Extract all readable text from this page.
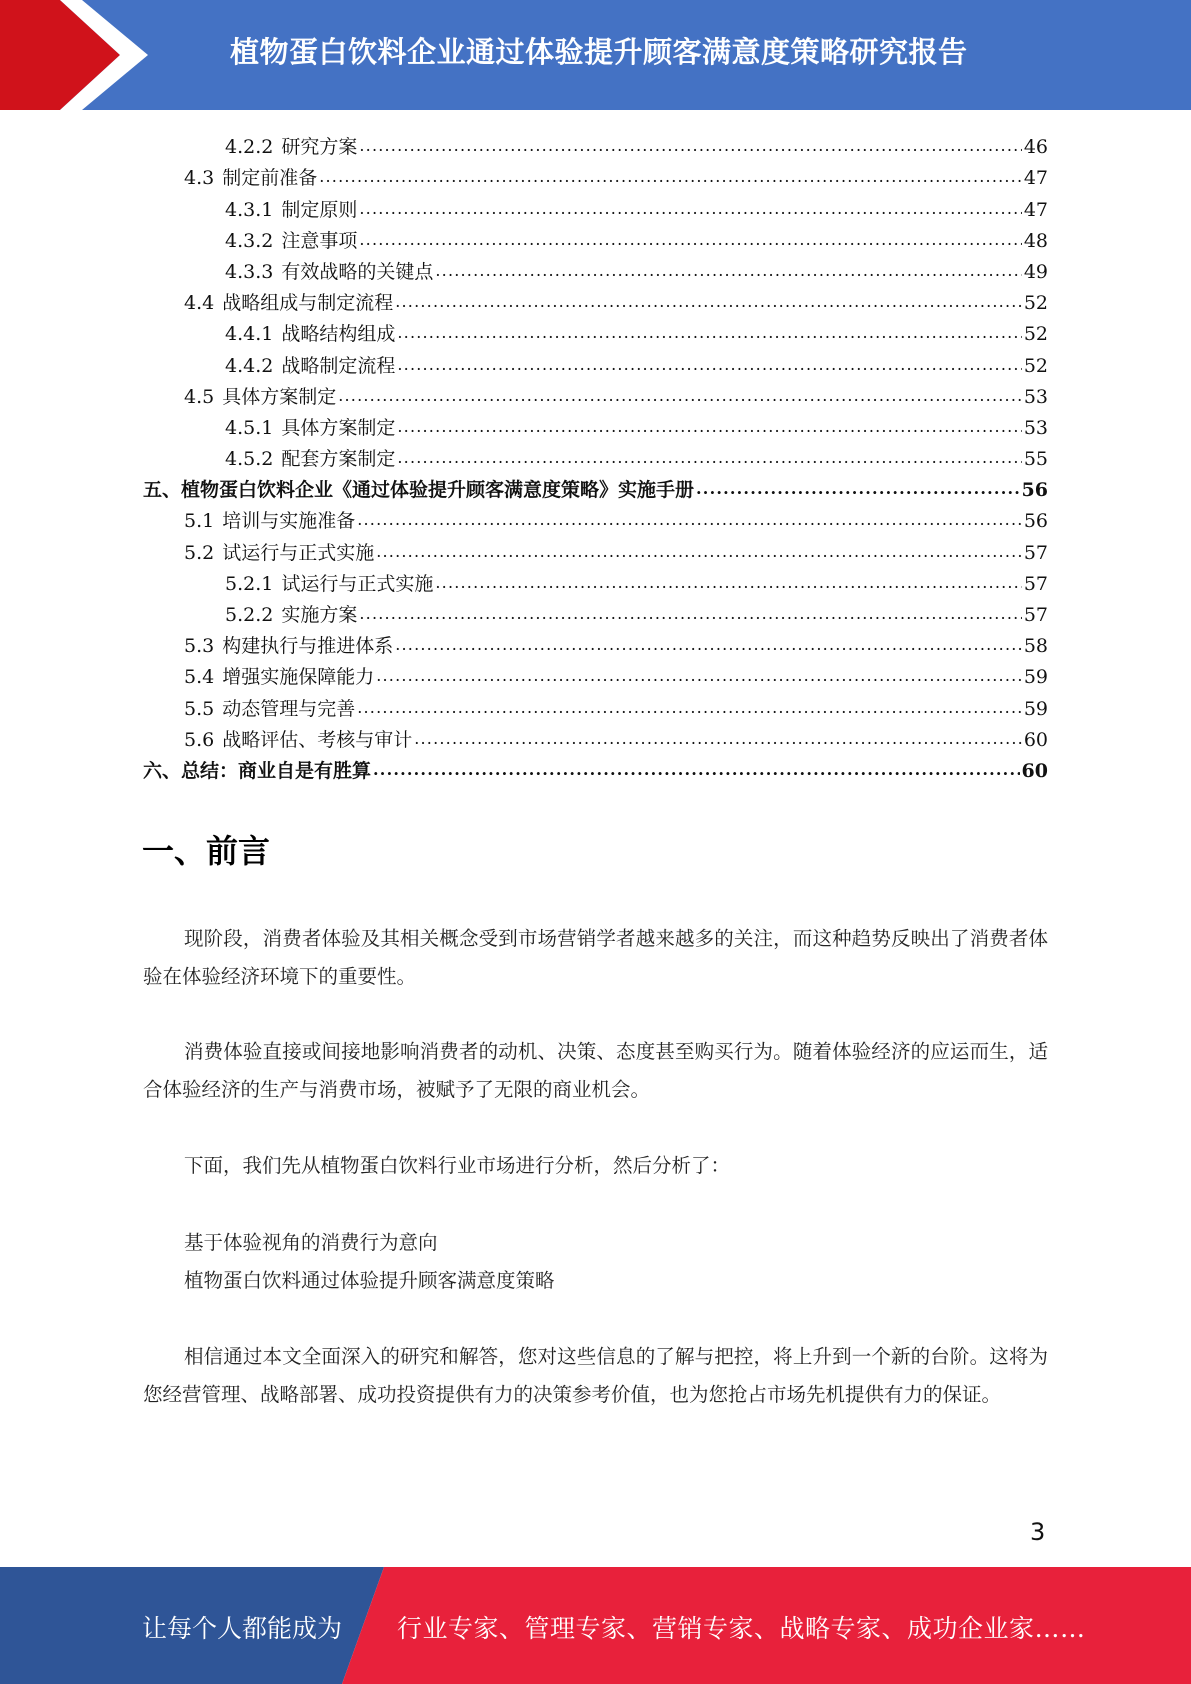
植物蛋白饮料企业通过体验提升顾客满意度策略研究报告
4.2.2 研究方案 .....	46
4.3 制定前准备 .....	47
4.3.1 制定原则 .....	47
4.3.2 注意事项 .....	48
4.3.3 有效战略的关键点 .....	49
4.4 战略组成与制定流程 .....	52
4.4.1 战略结构组成 .....	52
4.4.2 战略制定流程 .....	52
4.5 具体方案制定 .....	53
4.5.1 具体方案制定 .....	53
4.5.2 配套方案制定 .....	55
五、 植物蛋白饮料企业《通过体验提升顾客满意度策略》实施手册 .....	56
5.1 培训与实施准备 .....	56
5.2 试运行与正式实施 .....	57
5.2.1 试运行与正式实施 .....	57
5.2.2 实施方案 .....	57
5.3 构建执行与推进体系 .....	58
5.4 增强实施保障能力 .....	59
5.5 动态管理与完善 .....	59
5.6 战略评估、考核与审计 .....	60
六、 总结：商业自是有胜算 .....	60
一、前言

现阶段，消费者体验及其相关概念受到市场营销学者越来越多的关注，而这种趋势反映出了消费者体验在体验经济环境下的重要性。

消费体验直接或间接地影响消费者的动机、决策、态度甚至购买行为。随着体验经济的应运而生，适合体验经济的生产与消费市场，被赋予了无限的商业机会。

下面，我们先从植物蛋白饮料行业市场进行分析，然后分析了：

基于体验视角的消费行为意向
植物蛋白饮料通过体验提升顾客满意度策略

相信通过本文全面深入的研究和解答，您对这些信息的了解与把控，将上升到一个新的台阶。这将为您经营管理、战略部署、成功投资提供有力的决策参考价值，也为您抢占市场先机提供有力的保证。

3
让每个人都能成为 行业专家、管理专家、营销专家、战略专家、成功企业家……
